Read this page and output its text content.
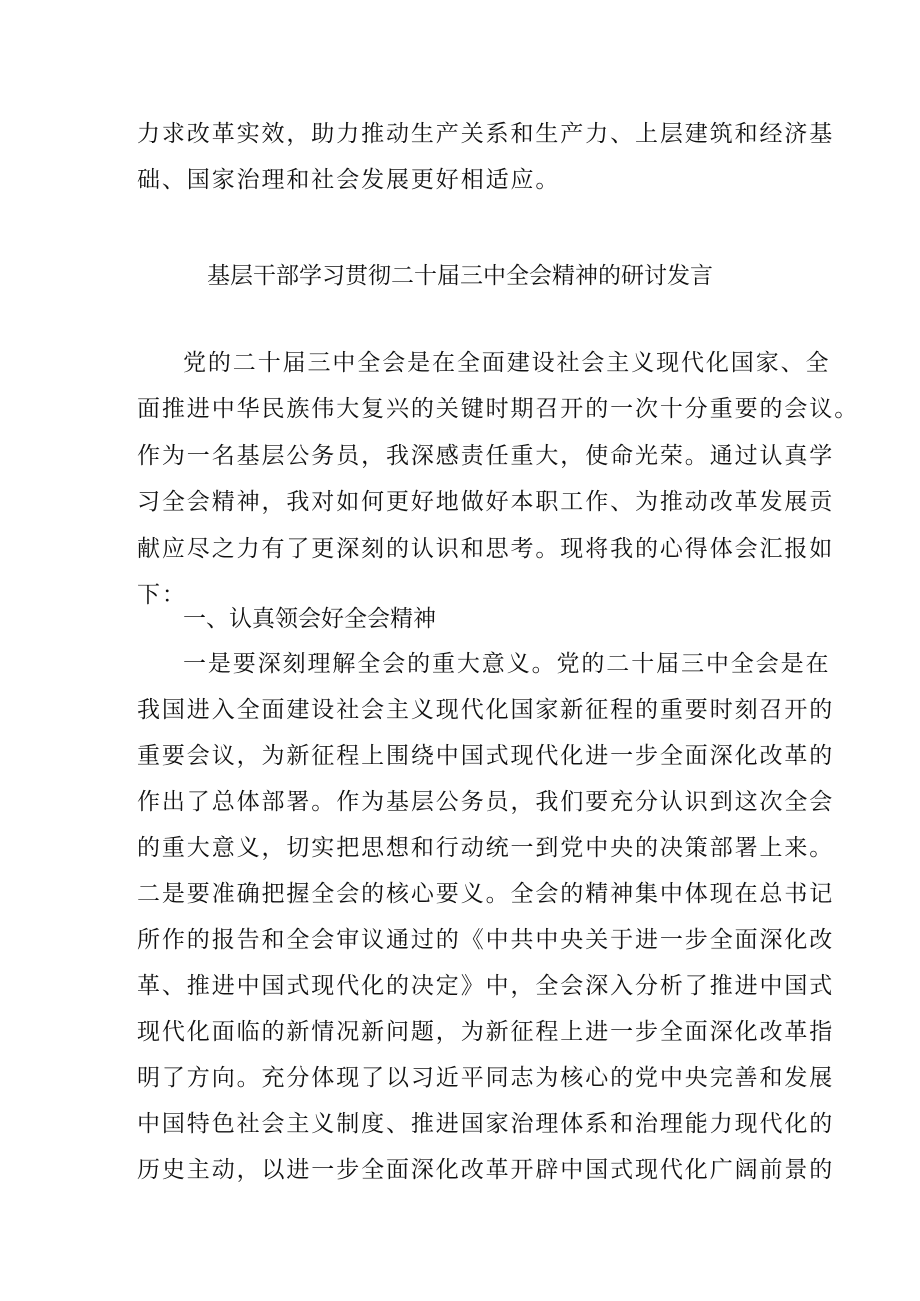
力求改革实效，助力推动生产关系和生产力、上层建筑和经济基
础、国家治理和社会发展更好相适应。
基层干部学习贯彻二十届三中全会精神的研讨发言
党的二十届三中全会是在全面建设社会主义现代化国家、全
面推进中华民族伟大复兴的关键时期召开的一次十分重要的会议。
作为一名基层公务员，我深感责任重大，使命光荣。通过认真学
习全会精神，我对如何更好地做好本职工作、为推动改革发展贡
献应尽之力有了更深刻的认识和思考。现将我的心得体会汇报如
下：
一、认真领会好全会精神
一是要深刻理解全会的重大意义。党的二十届三中全会是在
我国进入全面建设社会主义现代化国家新征程的重要时刻召开的
重要会议，为新征程上围绕中国式现代化进一步全面深化改革的
作出了总体部署。作为基层公务员，我们要充分认识到这次全会
的重大意义，切实把思想和行动统一到党中央的决策部署上来。
二是要准确把握全会的核心要义。全会的精神集中体现在总书记
所作的报告和全会审议通过的《中共中央关于进一步全面深化改
革、推进中国式现代化的决定》中，全会深入分析了推进中国式
现代化面临的新情况新问题，为新征程上进一步全面深化改革指
明了方向。充分体现了以习近平同志为核心的党中央完善和发展
中国特色社会主义制度、推进国家治理体系和治理能力现代化的
历史主动，以进一步全面深化改革开辟中国式现代化广阔前景的
